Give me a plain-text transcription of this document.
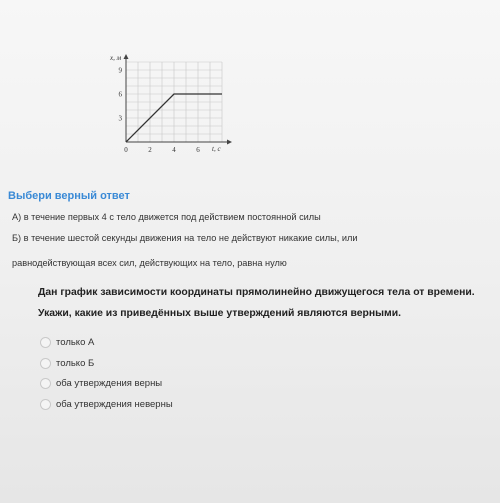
0	2	4	6
3
6
9
x, м
t, c
Выбери верный ответ
А) в течение первых 4 с тело движется под действием постоянной силы
Б) в течение шестой секунды движения на тело не действуют никакие силы, или
равнодействующая всех сил, действующих на тело, равна нулю
Дан график зависимости координаты прямолинейно движущегося тела от времени.
Укажи, какие из приведённых выше утверждений являются верными.
только А
только Б
оба утверждения верны
оба утверждения неверны
